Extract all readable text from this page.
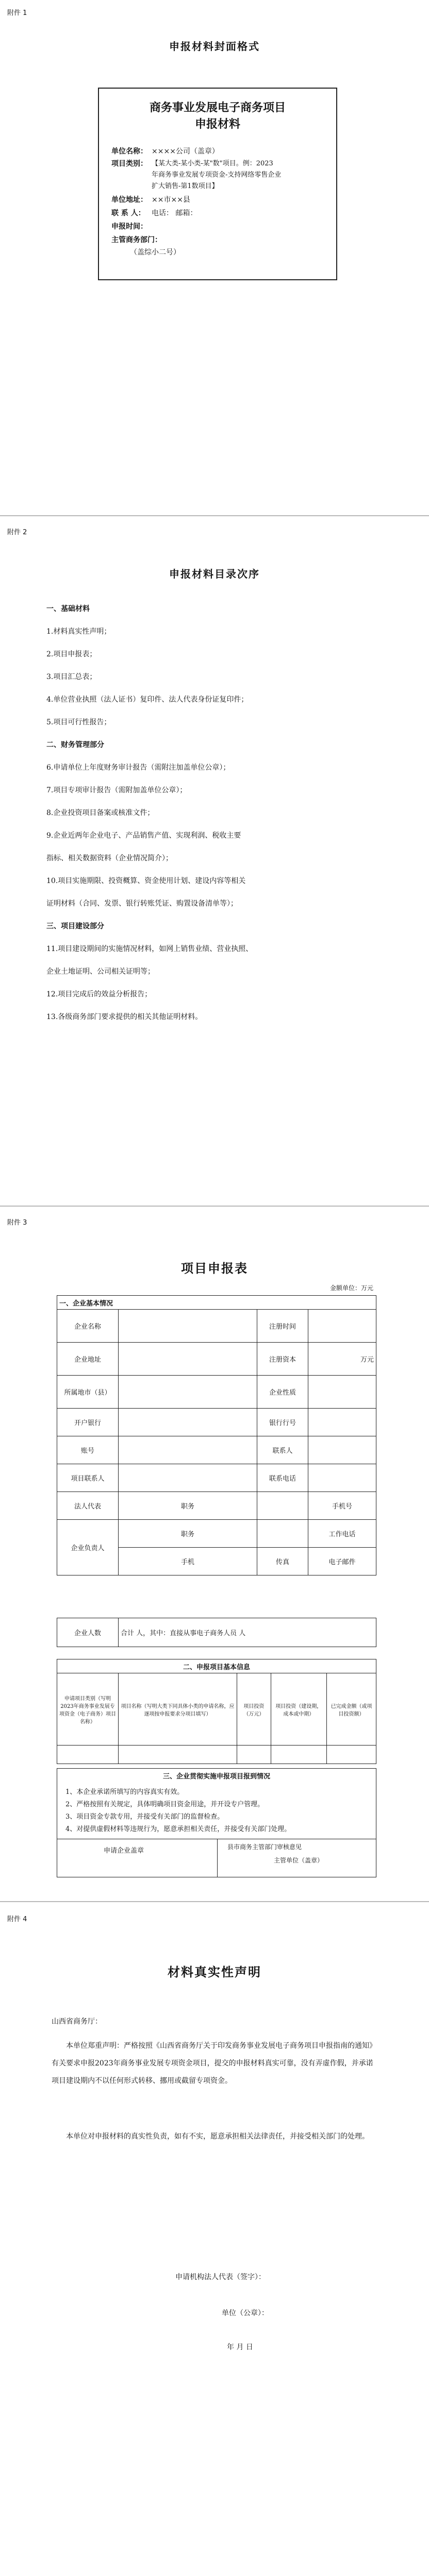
附件 1
申报材料封面格式
商务事业发展电子商务项目
申报材料
单位名称： ××××公司（盖章）
项目类别： 【某大类-某小类-某"数"项目。例：2023
年商务事业发展专项资金-支持网络零售企业
扩大销售-第1数项目】
单位地址： ××市××县
联 系 人： 电话： 邮箱：
申报时间：
主管商务部门：
（盖综小二号）
附件 2
申报材料目录次序
一、基础材料
1.材料真实性声明；
2.项目申报表；
3.项目汇总表；
4.单位营业执照（法人证书）复印件、法人代表身份证复印件；
5.项目可行性报告；
二、财务管理部分
6.申请单位上年度财务审计报告（需附注加盖单位公章）；
7.项目专项审计报告（需附加盖单位公章）；
8.企业投资项目备案或核准文件；
9.企业近两年企业电子、产品销售产值、实现利润、税收主要
指标、相关数据资料（企业情况简介）；
10.项目实施期限、投资概算、资金使用计划、建设内容等相关
证明材料（合同、发票、银行转账凭证、购置设备清单等）；
三、项目建设部分
11.项目建设期间的实施情况材料，如网上销售业绩、营业执照、
企业土地证明、公司相关证明等；
12.项目完成后的效益分析报告；
13.各级商务部门要求提供的相关其他证明材料。
附件 3
项目申报表
金额单位：万元
一、企业基本情况			
企业名称		注册时间	
企业地址		注册资本	万元
所属地市（县）		企业性质	
开户银行		银行行号	
账号		联系人	
项目联系人		联系电话	
法人代表	职务		手机号
企业负责人	职务		工作电话
	手机	传真	电子邮件
企业人数	合计 人，其中：直接从事电子商务人员 人
二、申报项目基本信息				
申请项目类别（写明2023年商务事业发展专项资金（电子商务）项目名称）	项目名称（写明大类下同具体小类的申请名称，应逐项按申报要求分项目填写）	项目投资（万元）	项目投资（建设期，成本或中期）	已完成金额（或项目投资额）

三、企业贯彻实施申报项目报到情况
1、本企业承诺所填写的内容真实有效。
2、严格按照有关规定，具体明确项目资金用途，并开设专户管理。
3、项目资金专款专用，并接受有关部门的监督检查。
4、对提供虚假材料等违规行为，愿意承担相关责任，并接受有关部门处理。
申请企业盖章	县市商务主管部门审核意见
主管单位（盖章）
附件 4
材料真实性声明
山西省商务厅：
本单位郑重声明：严格按照《山西省商务厅关于印发商务事业发展电子商务项目申报指南的通知》有关要求申报2023年商务事业发展专项资金项目，提交的申报材料真实可靠，没有弄虚作假，并承诺项目建设期内不以任何形式转移、挪用或截留专项资金。
本单位对申报材料的真实性负责，如有不实，愿意承担相关法律责任，并接受相关部门的处理。
申请机构法人代表（签字）：
单位（公章）：
年 月 日
